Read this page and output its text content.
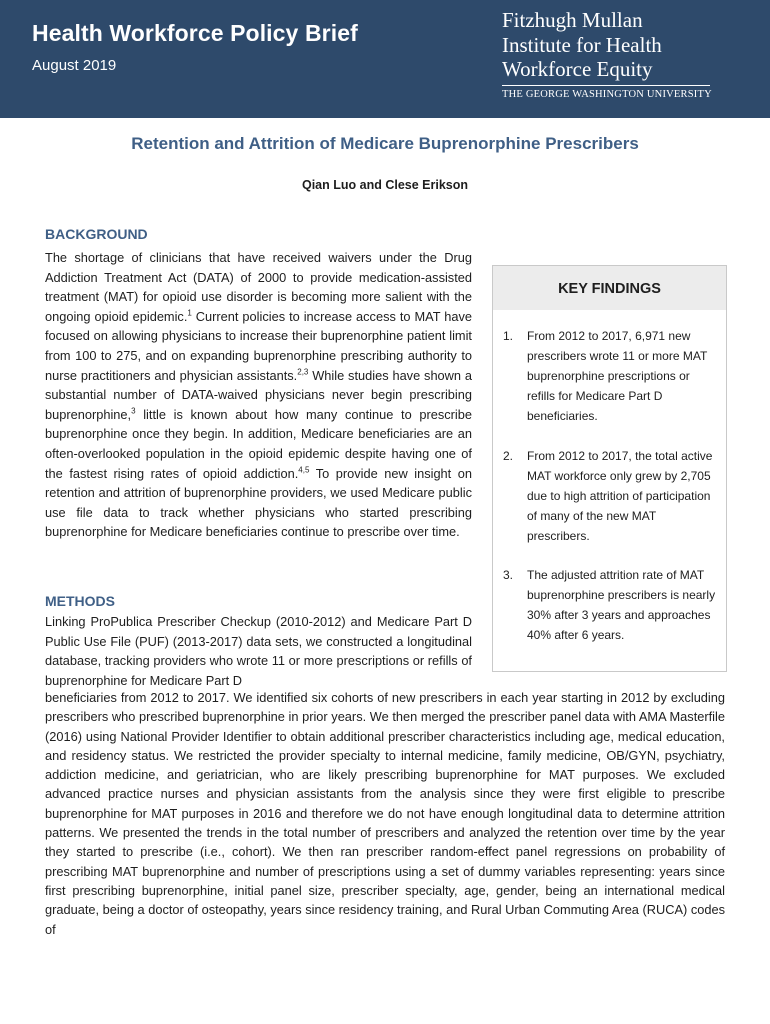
Health Workforce Policy Brief
August 2019
Fitzhugh Mullan
Institute for Health
Workforce Equity
THE GEORGE WASHINGTON UNIVERSITY
Retention and Attrition of Medicare Buprenorphine Prescribers
Qian Luo and Clese Erikson
BACKGROUND

The shortage of clinicians that have received waivers under the Drug Addiction Treatment Act (DATA) of 2000 to provide medication-assisted treatment (MAT) for opioid use disorder is becoming more salient with the ongoing opioid epidemic.$^1$ Current policies to increase access to MAT have focused on allowing physicians to increase their buprenorphine patient limit from 100 to 275, and on expanding buprenorphine prescribing authority to nurse practitioners and physician assistants.$^{2,3}$ While studies have shown a substantial number of DATA-waived physicians never begin prescribing buprenorphine,$^3$ little is known about how many continue to prescribe buprenorphine once they begin. In addition, Medicare beneficiaries are an often-overlooked population in the opioid epidemic despite having one of the fastest rising rates of opioid addiction.$^{4,5}$ To provide new insight on retention and attrition of buprenorphine providers, we used Medicare public use file data to track whether physicians who started prescribing buprenorphine for Medicare beneficiaries continue to prescribe over time.

METHODS

Linking ProPublica Prescriber Checkup (2010-2012) and Medicare Part D Public Use File (PUF) (2013-2017) data sets, we constructed a longitudinal database, tracking providers who wrote 11 or more prescriptions or refills of buprenorphine for Medicare Part D

beneficiaries from 2012 to 2017. We identified six cohorts of new prescribers in each year starting in 2012 by excluding prescribers who prescribed buprenorphine in prior years. We then merged the prescriber panel data with AMA Masterfile (2016) using National Provider Identifier to obtain additional prescriber characteristics including age, medical education, and residency status. We restricted the provider specialty to internal medicine, family medicine, OB/GYN, psychiatry, addiction medicine, and geriatrician, who are likely prescribing buprenorphine for MAT purposes. We excluded advanced practice nurses and physician assistants from the analysis since they were first eligible to prescribe buprenorphine for MAT purposes in 2016 and therefore we do not have enough longitudinal data to determine attrition patterns. We presented the trends in the total number of prescribers and analyzed the retention over time by the year they started to prescribe (i.e., cohort). We then ran prescriber random-effect panel regressions on probability of prescribing MAT buprenorphine and number of prescriptions using a set of dummy variables representing: years since first prescribing buprenorphine, initial panel size, prescriber specialty, age, gender, being an international medical graduate, being a doctor of osteopathy, years since residency training, and Rural Urban Commuting Area (RUCA) codes of

KEY FINDINGS
1. From 2012 to 2017, 6,971 new prescribers wrote 11 or more MAT buprenorphine prescriptions or refills for Medicare Part D beneficiaries.
2. From 2012 to 2017, the total active MAT workforce only grew by 2,705 due to high attrition of participation of many of the new MAT prescribers.
3. The adjusted attrition rate of MAT buprenorphine prescribers is nearly 30% after 3 years and approaches 40% after 6 years.
